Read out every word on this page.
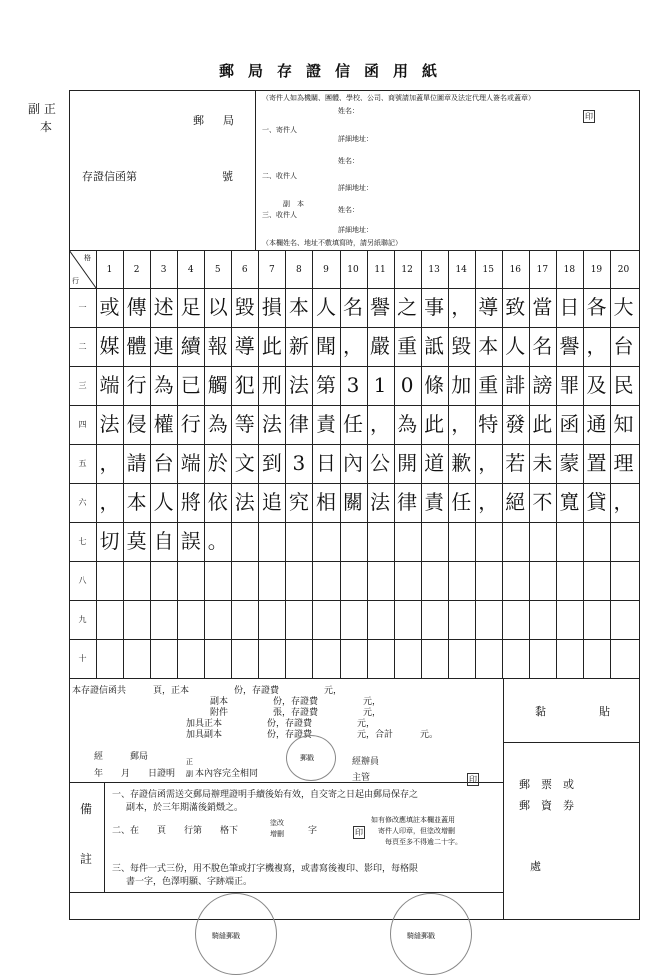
郵局存證信函用紙
副 正
本	郵　局
存證信函第	號
（寄件人如為機關、團體、學校、公司、商號請加蓋單位圖章及法定代理人簽名或蓋章）
一、寄件人
姓名：
印
詳細地址：
二、收件人
姓名：
詳細地址：
副　本
三、收件人
姓名：
詳細地址：
（本欄姓名、地址不敷填寫時，請另紙聯記）
格
行
1	2	3	4	5	6	7	8	9	10	11	12	13	14	15	16	17	18	19	20
一 或 傳 述 足 以 毀 損 本 人 名 譽 之 事 ， 導 致 當 日 各 大
二 媒 體 連 續 報 導 此 新 聞 ， 嚴 重 詆 毀 本 人 名 譽 ， 台
三 端 行 為 已 觸 犯 刑 法 第 3 1 0 條 加 重 誹 謗 罪 及 民
四 法 侵 權 行 為 等 法 律 責 任 ， 為 此 ， 特 發 此 函 通 知
五 ， 請 台 端 於 文 到 3 日 內 公 開 道 歉 ， 若 未 蒙 置 理
六 ， 本 人 將 依 法 追 究 相 關 法 律 責 任 ， 絕 不 寬 貸 ，
七 切 莫 自 誤 。
八
九
十
本存證信函共　　　頁，正本　　　　　份，存證費　　　　　元，
副本　　　　　份，存證費　　　　　元，
附件　　　　　張，存證費　　　　　元，
加具正本　　　　　份，存證費　　　　　元，
加具副本　　　　　份，存證費　　　　　元，合計　　　元。
經　　　郵局
年　　月　　日證明
正
副 本內容完全相同
郵戳	經辦員
主管	印
黏	貼
郵　票　或
郵　資　券
處
備
註
一、存證信函需送交郵局辦理證明手續後始有效，自交寄之日起由郵局保存之
副本，於三年期滿後銷燬之。
二、在　　頁　　行第　　格下
塗改
增刪	字	印
如有修改應填註本欄並蓋用
寄件人印章，但塗改增刪
每頁至多不得逾二十字。
三、每件一式三份，用不脫色筆或打字機複寫，或書寫後複印、影印，每格限
書一字，色澤明顯、字跡端正。
騎縫郵戳	騎縫郵戳
